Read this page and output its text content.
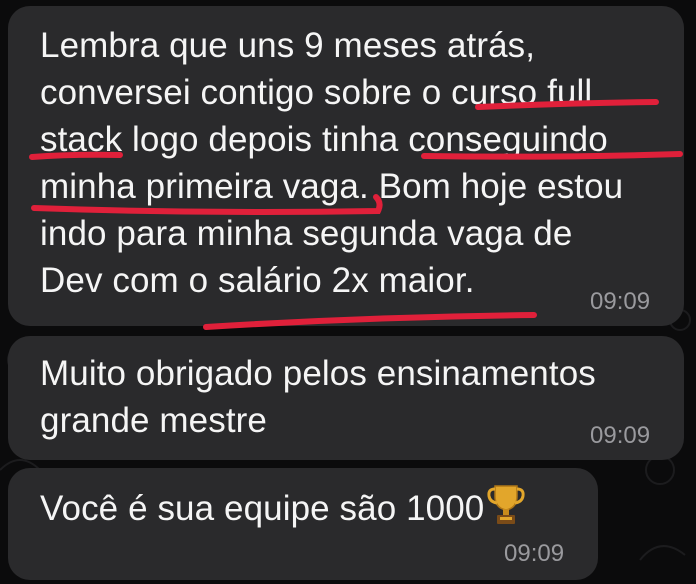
Lembra que uns 9 meses atrás,
conversei contigo sobre o curso full
stack logo depois tinha conseguindo
minha primeira vaga. Bom hoje estou
indo para minha segunda vaga de
Dev com o salário 2x maior.
09:09
Muito obrigado pelos ensinamentos
grande mestre	09:09
Você é sua equipe são 1000
09:09
